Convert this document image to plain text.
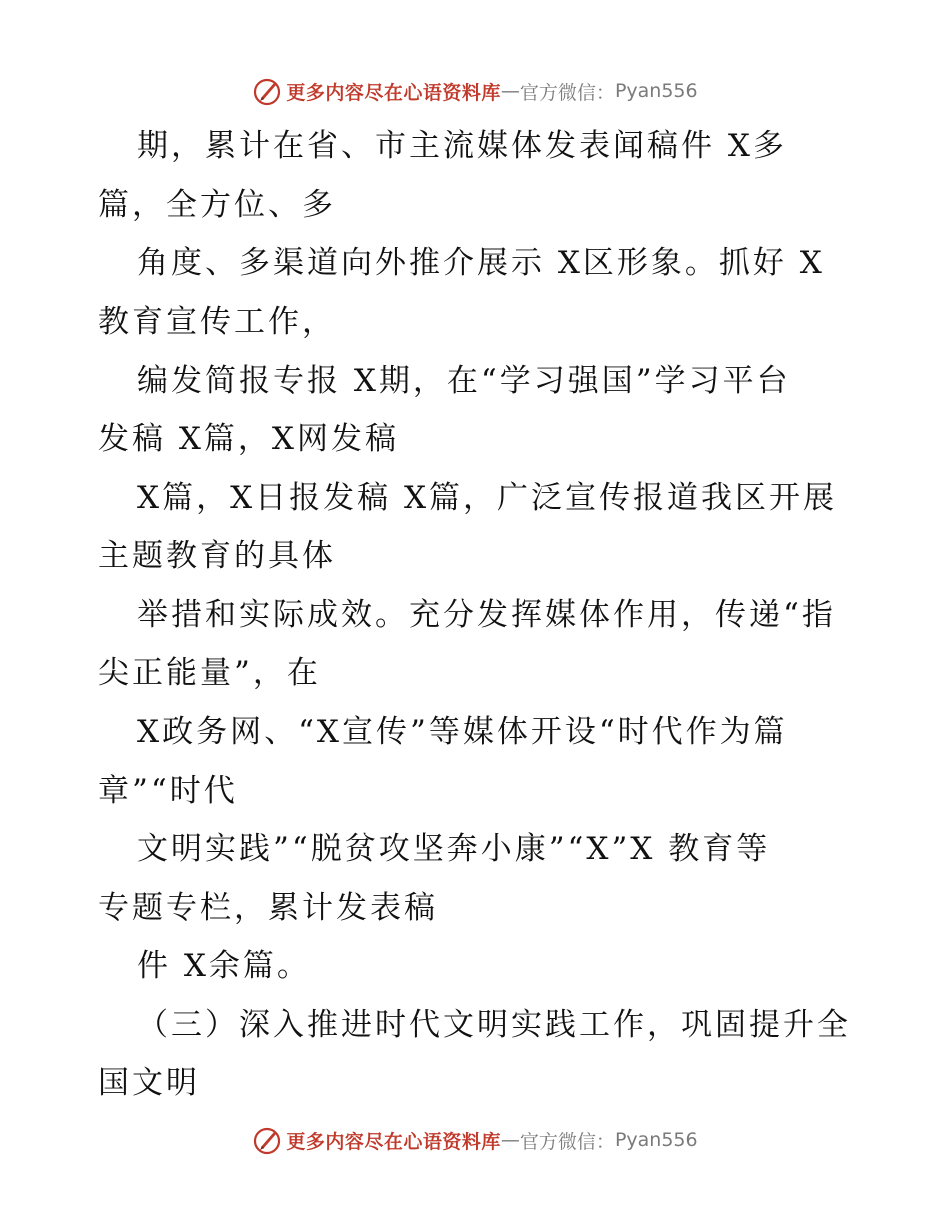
更多内容尽在心语资料库 — 官方微信： Pyan556
期，累计在省、市主流媒体发表闻稿件 X多
篇，全方位、多
角度、多渠道向外推介展示 X区形象。抓好 X
教育宣传工作，
编发简报专报 X期，在“学习强国”学习平台
发稿 X篇，X网发稿
X篇，X日报发稿 X篇，广泛宣传报道我区开展
主题教育的具体
举措和实际成效。充分发挥媒体作用，传递“指
尖正能量”，在
X政务网、“X宣传”等媒体开设“时代作为篇
章”“时代
文明实践”“脱贫攻坚奔小康”“X”X 教育等
专题专栏，累计发表稿
件 X余篇。
（三）深入推进时代文明实践工作，巩固提升全
国文明
更多内容尽在心语资料库 — 官方微信： Pyan556
